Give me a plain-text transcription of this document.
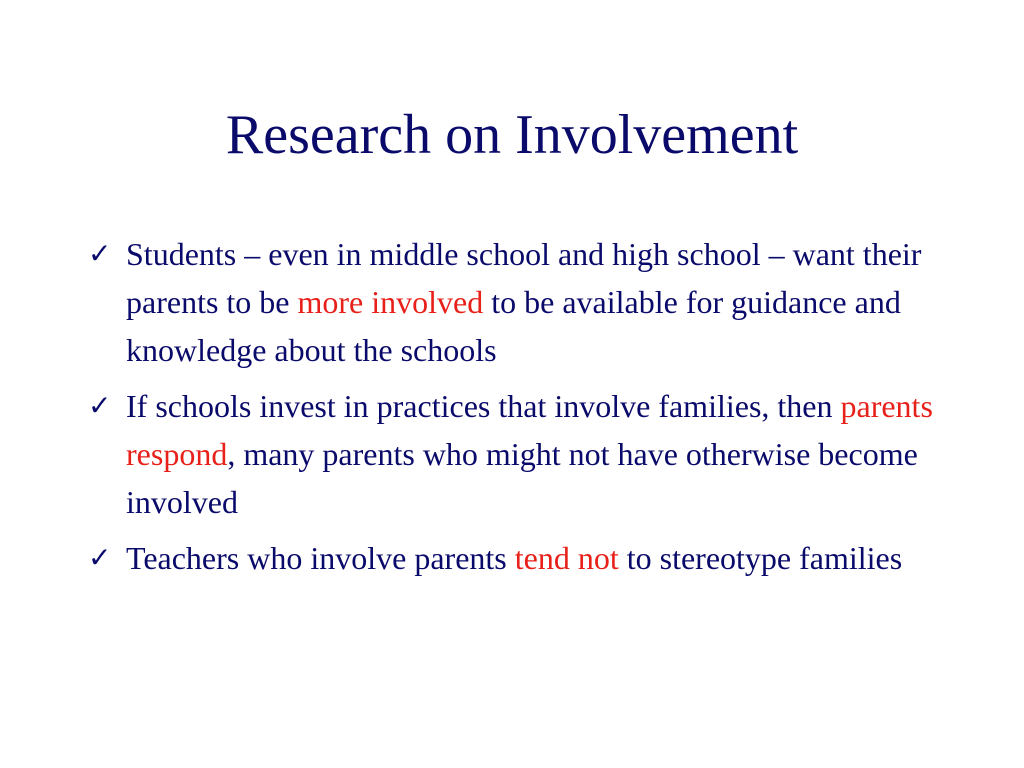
Research on Involvement
✓ Students – even in middle school and high school – want their parents to be more involved to be available for guidance and knowledge about the schools
✓ If schools invest in practices that involve families, then parents respond, many parents who might not have otherwise become involved
✓ Teachers who involve parents tend not to stereotype families
